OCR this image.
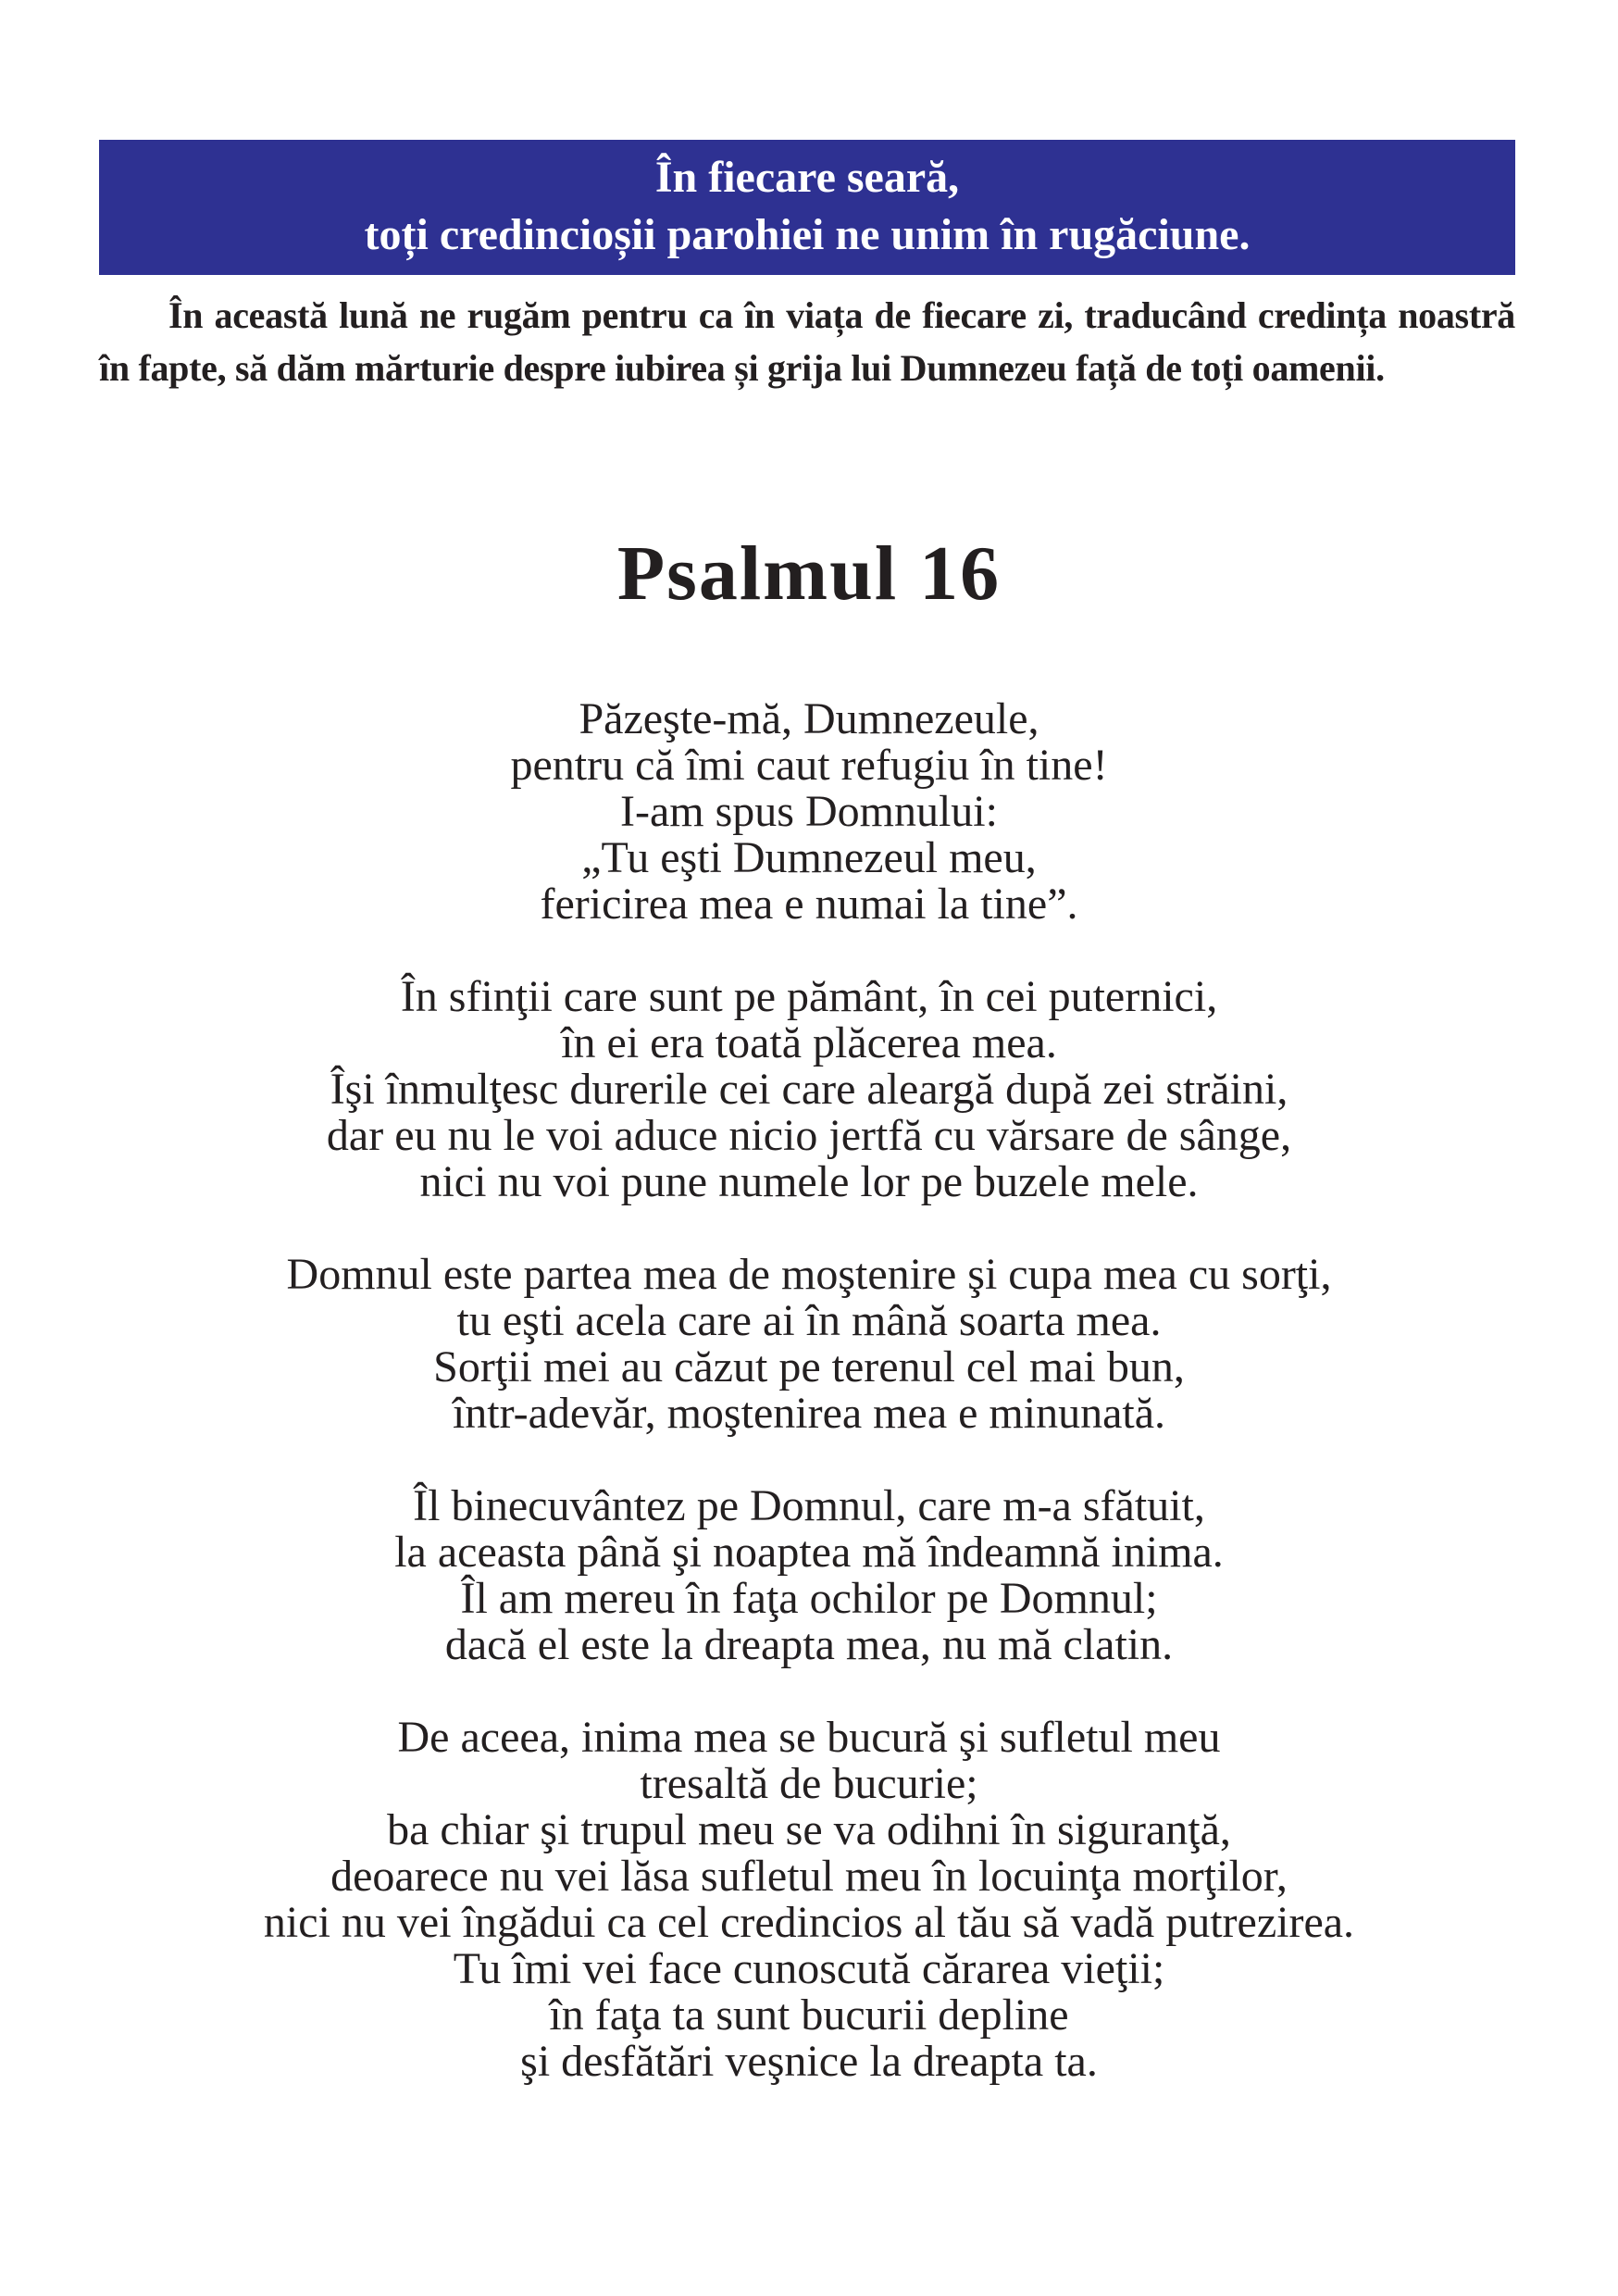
În fiecare seară,
toți credincioșii parohiei ne unim în rugăciune.
În această lună ne rugăm pentru ca în viața de fiecare zi, traducând credința noastră în fapte, să dăm mărturie despre iubirea și grija lui Dumnezeu față de toți oamenii.
Psalmul 16
Păzeşte-mă, Dumnezeule,
pentru că îmi caut refugiu în tine!
I-am spus Domnului:
„Tu eşti Dumnezeul meu,
fericirea mea e numai la tine”.
În sfinţii care sunt pe pământ, în cei puternici,
în ei era toată plăcerea mea.
Îşi înmulţesc durerile cei care aleargă după zei străini,
dar eu nu le voi aduce nicio jertfă cu vărsare de sânge,
nici nu voi pune numele lor pe buzele mele.
Domnul este partea mea de moştenire şi cupa mea cu sorţi,
tu eşti acela care ai în mână soarta mea.
Sorţii mei au căzut pe terenul cel mai bun,
într-adevăr, moştenirea mea e minunată.
Îl binecuvântez pe Domnul, care m-a sfătuit,
la aceasta până şi noaptea mă îndeamnă inima.
Îl am mereu în faţa ochilor pe Domnul;
dacă el este la dreapta mea, nu mă clatin.
De aceea, inima mea se bucură şi sufletul meu
tresaltă de bucurie;
ba chiar şi trupul meu se va odihni în siguranţă,
deoarece nu vei lăsa sufletul meu în locuinţa morţilor,
nici nu vei îngădui ca cel credincios al tău să vadă putrezirea.
Tu îmi vei face cunoscută cărarea vieţii;
în faţa ta sunt bucurii depline
şi desfătări veşnice la dreapta ta.
